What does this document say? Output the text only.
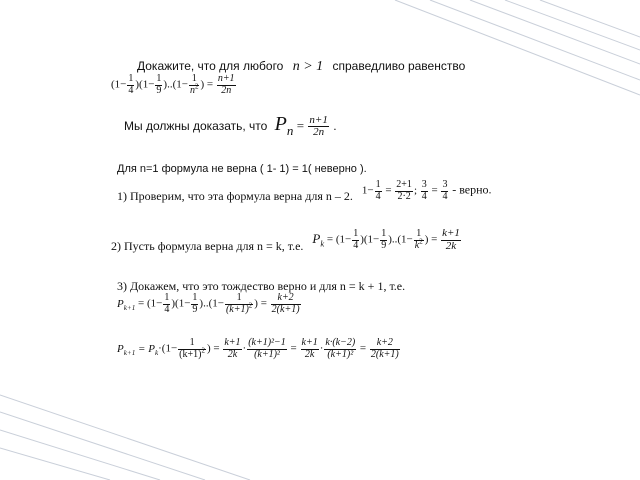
Докажите, что для любого n > 1 справедливо равенство
$(1- \frac{1}{4} )(1- \frac{1}{9} )..(1- \frac{1}{n^2}$ ) = $\frac{n+1}{2n}$
Мы должны доказать, что $P_n = \frac{n+1}{2n}$ .
Для n=1 формула не верна ( 1- 1) = 1( неверно ).
1) Проверим, что эта формула верна для n – 2. $1- \frac{1}{4} = \frac{2+1}{2\cdot 2}$ ; $\frac{3}{4} = \frac{3}{4}$ - верно.
2) Пусть формула верна для n = k, т.е. $P_k = (1- \frac{1}{4} )(1- \frac{1}{9} )..(1- \frac{1}{k^2}$ ) = $\frac{k+1}{2k}$
3) Докажем, что это тождество верно и для n = k + 1, т.е.
$P_{k+1} = (1- \frac{1}{4} )(1- \frac{1}{9} )..(1- \frac{1}{(k+1)^2}$ ) = $\frac{k+2}{2(k+1)}$
$P_{k+1} = P_k\cdot(1- \frac{1}{(k+1)^2}$ ) = $\frac{k+1}{2k} \cdot \frac{\text{(k+1)²−1}}{\text{(k+1)²}} = \frac{k+1}{2k} \cdot \frac{k\cdot(k-2)}{\text{(k+1)²}} = \frac{k+2}{2(k+1)}$
